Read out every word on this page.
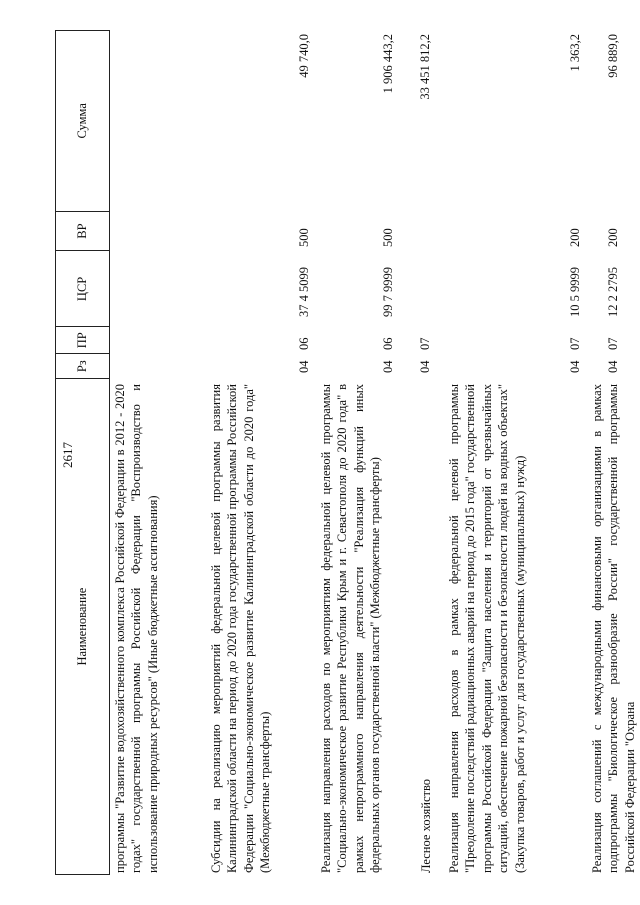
2617
Наименование
Рз
ПР
ЦСР
ВР
Сумма
программы "Развитие водохозяйственного комплекса Российской Федерации в 2012 - 2020 годах" государственной программы Российской Федерации "Воспроизводство и использование природных ресурсов" (Иные бюджетные ассигнования)	Субсидии на реализацию мероприятий федеральной целевой программы развития Калининградской области на период до 2020 года государственной программы Российской Федерации "Социально-экономическое развитие Калининградской области до 2020 года" (Межбюджетные трансферты)
04
06
37 4 5099
500
49 740,0
Реализация направления расходов по мероприятиям федеральной целевой программы "Социально-экономическое развитие Республики Крым и г. Севастополя до 2020 года" в рамках непрограммного направления деятельности "Реализация функций иных федеральных органов государственной власти" (Межбюджетные трансферты)
04
06
99 7 9999
500
1 906 443,2
Лесное хозяйство
04
07
33 451 812,2
Реализация направления расходов в рамках федеральной целевой программы "Преодоление последствий радиационных аварий на период до 2015 года" государственной программы Российской Федерации "Защита населения и территорий от чрезвычайных ситуаций, обеспечение пожарной безопасности и безопасности людей на водных объектах" (Закупка товаров, работ и услуг для государственных (муниципальных) нужд)
04
07
10 5 9999
200
1 363,2
Реализация соглашений с международными финансовыми организациями в рамках подпрограммы "Биологическое разнообразие России" государственной программы Российской Федерации "Охрана
04
07
12 2 2795
200
96 889,0
